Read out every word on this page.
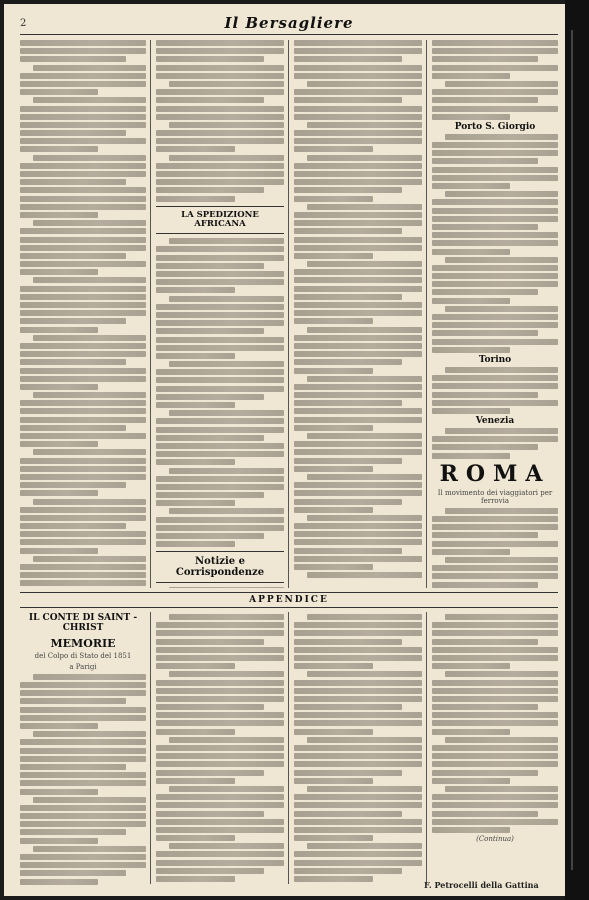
2	Il Bersagliere
LA SPEDIZIONE AFRICANA
Notizie e Corrispondenze
Porto S. Giorgio
Torino
Venezia
ROMA
Il movimento dei viaggiatori per ferrovia
APPENDICE
IL CONTE DI SAINT - CHRIST
MEMORIE
del Colpo di Stato del 1851
a Parigi
(Continua)
F. Petrocelli della Gattina
